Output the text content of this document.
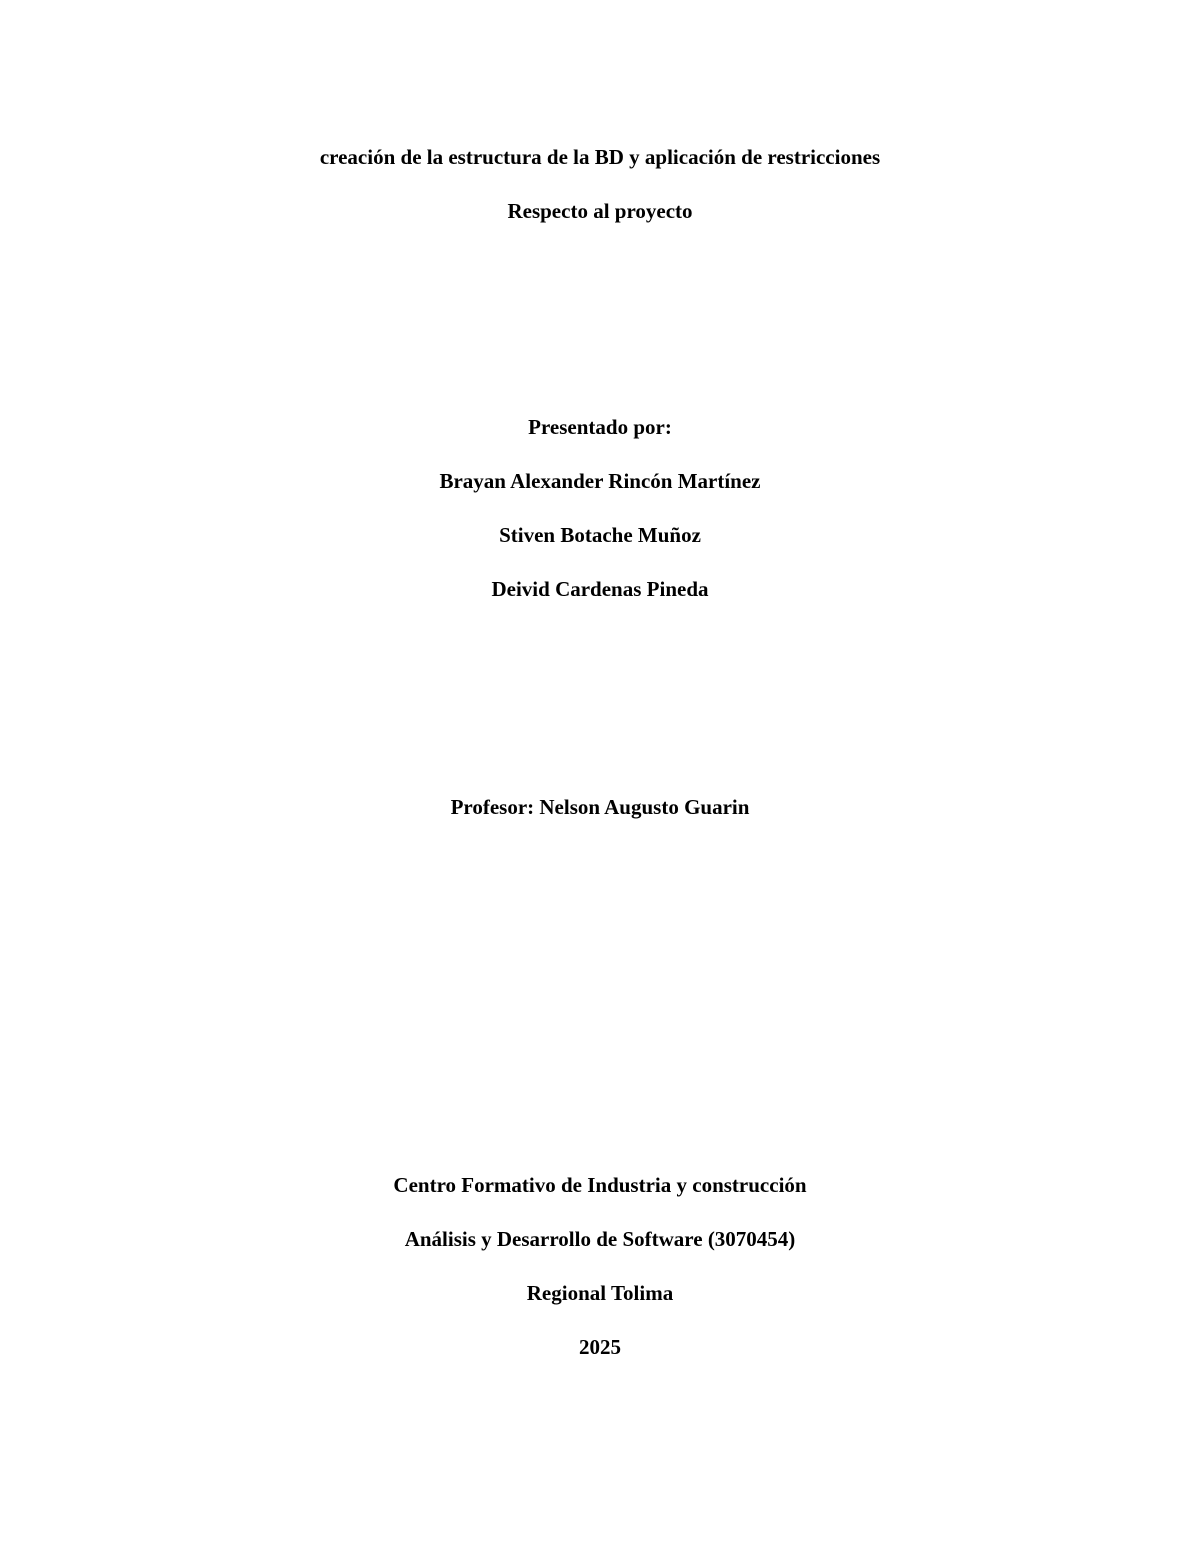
creación de la estructura de la BD y aplicación de restricciones
Respecto al proyecto
Presentado por:
Brayan Alexander Rincón Martínez
Stiven Botache Muñoz
Deivid Cardenas Pineda
Profesor: Nelson Augusto Guarin
Centro Formativo de Industria y construcción
Análisis y Desarrollo de Software (3070454)
Regional Tolima
2025
